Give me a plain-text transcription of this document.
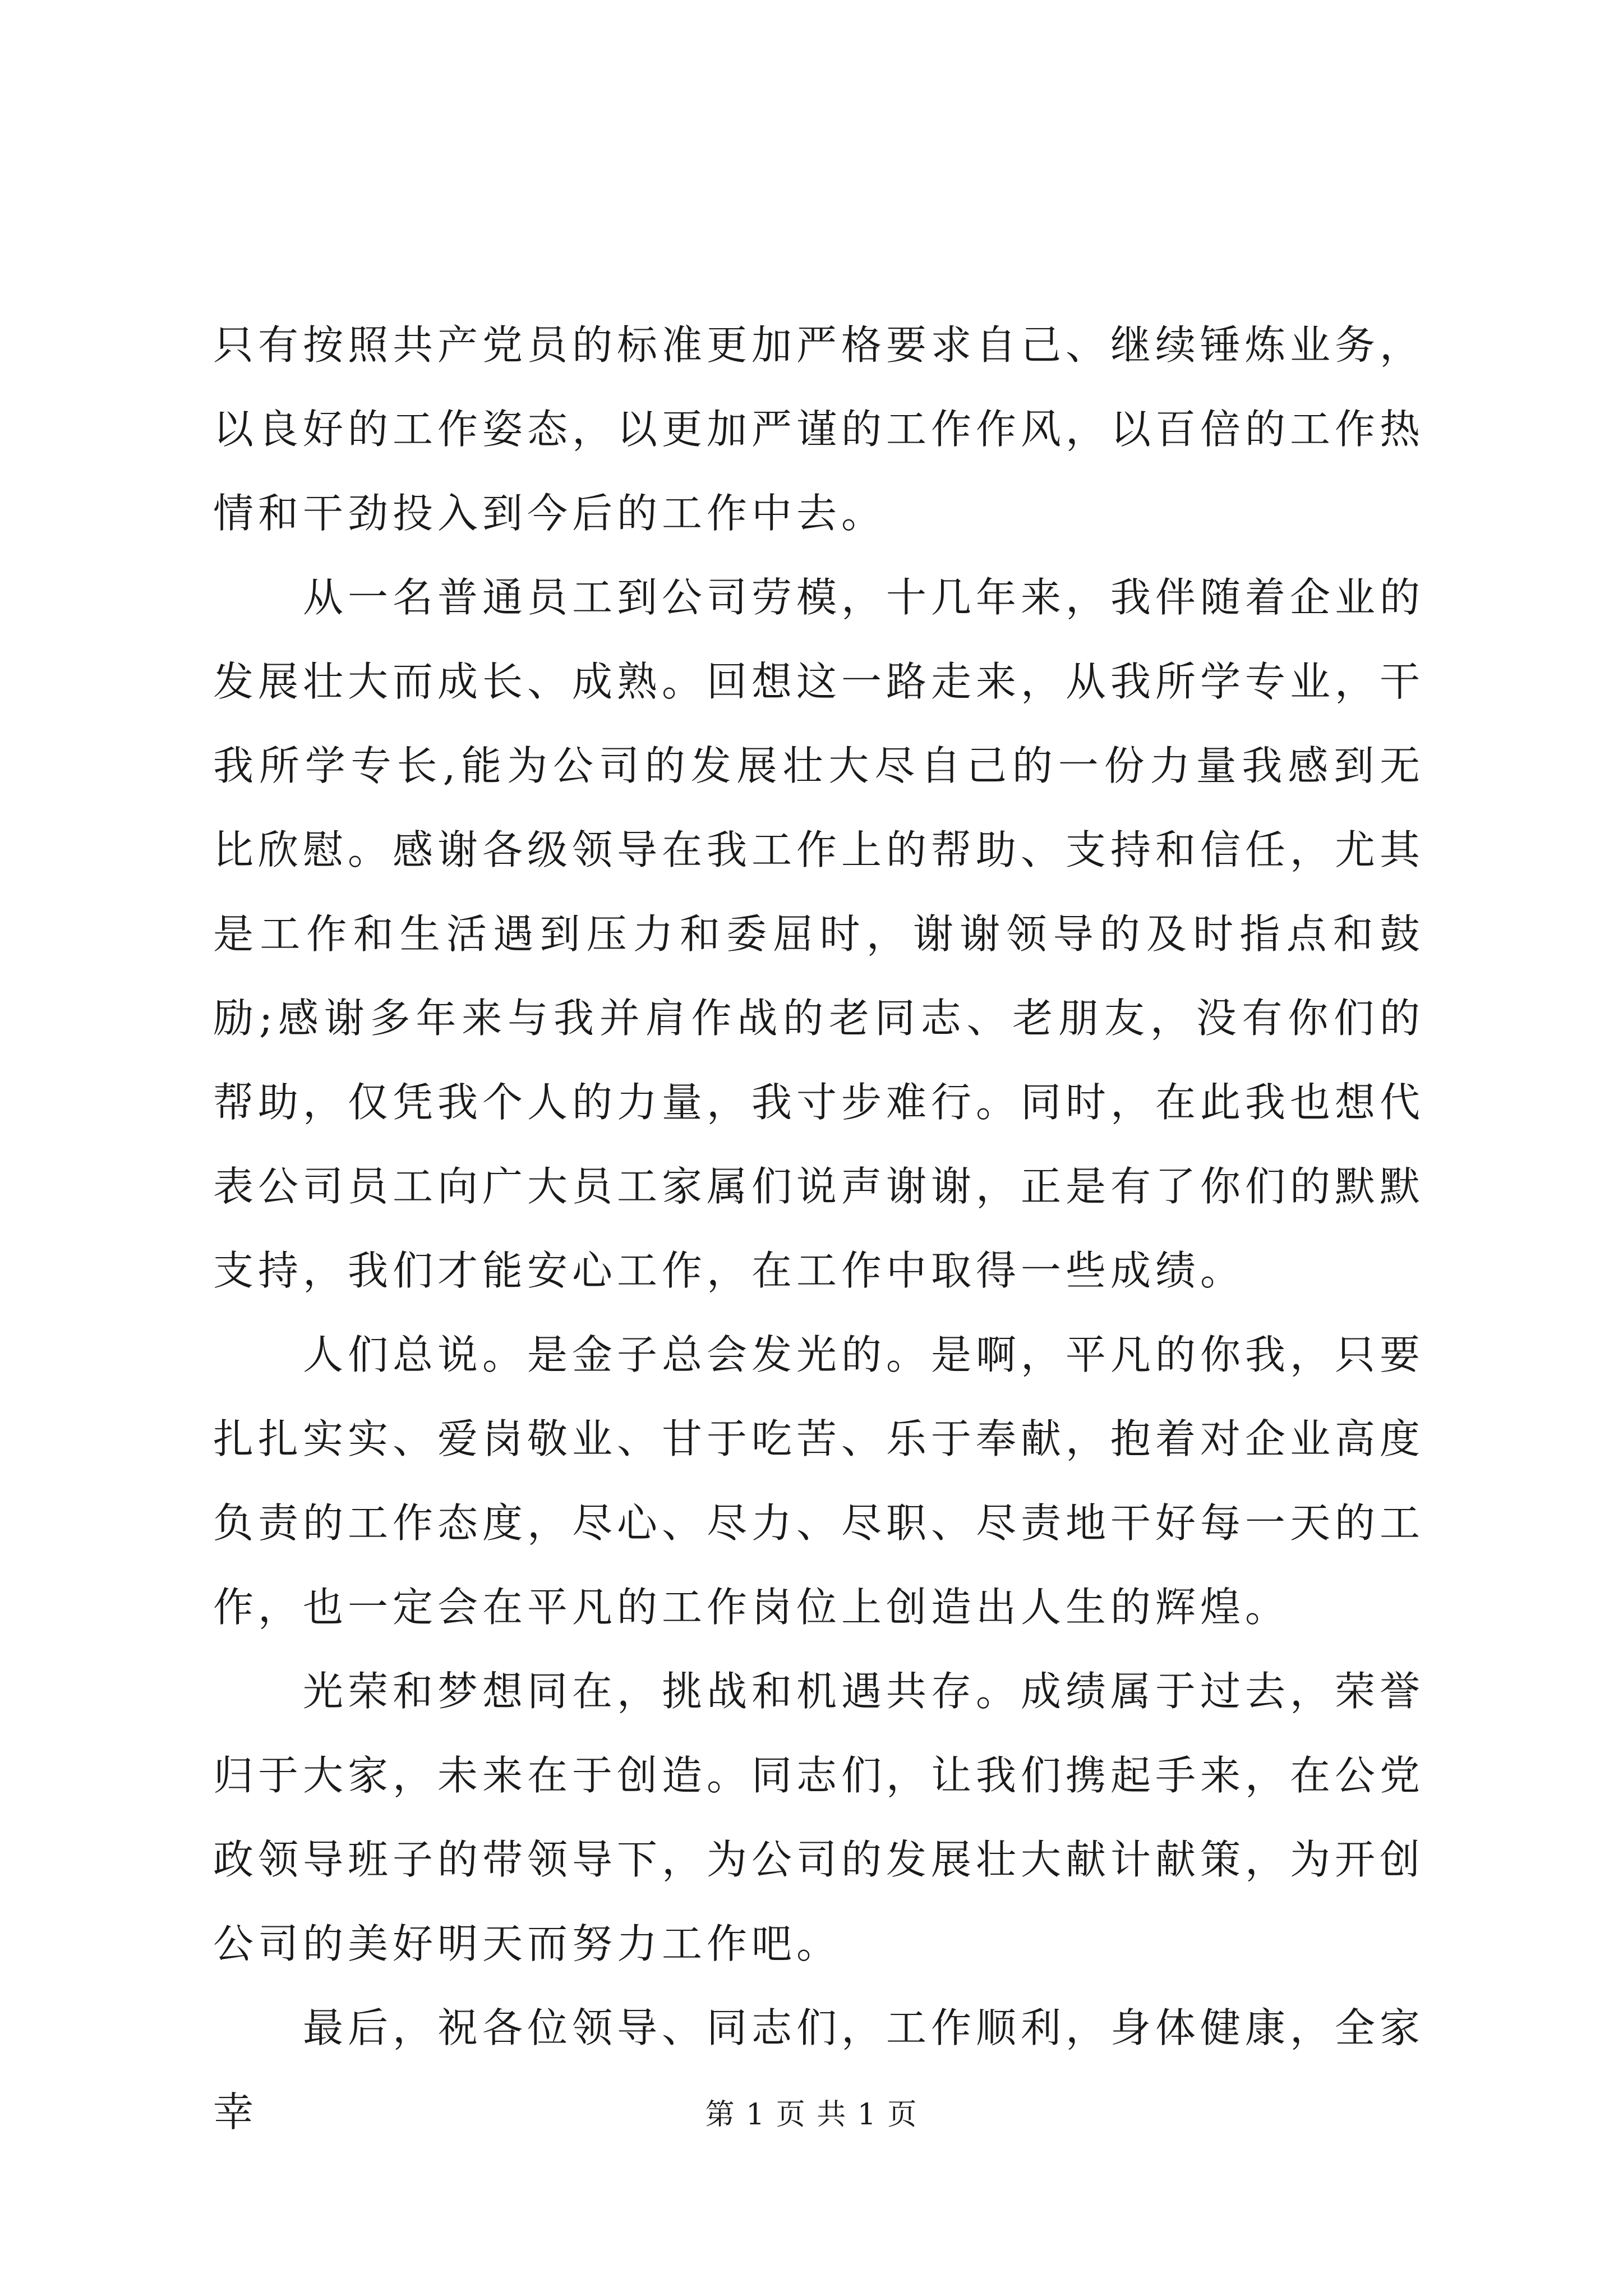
只有按照共产党员的标准更加严格要求自己、继续锤炼业务，以良好的工作姿态，以更加严谨的工作作风，以百倍的工作热情和干劲投入到今后的工作中去。

从一名普通员工到公司劳模，十几年来，我伴随着企业的发展壮大而成长、成熟。回想这一路走来，从我所学专业，干我所学专长,能为公司的发展壮大尽自己的一份力量我感到无比欣慰。感谢各级领导在我工作上的帮助、支持和信任，尤其是工作和生活遇到压力和委屈时，谢谢领导的及时指点和鼓励;感谢多年来与我并肩作战的老同志、老朋友，没有你们的帮助，仅凭我个人的力量，我寸步难行。同时，在此我也想代表公司员工向广大员工家属们说声谢谢，正是有了你们的默默支持，我们才能安心工作，在工作中取得一些成绩。

人们总说。是金子总会发光的。是啊，平凡的你我，只要扎扎实实、爱岗敬业、甘于吃苦、乐于奉献，抱着对企业高度负责的工作态度，尽心、尽力、尽职、尽责地干好每一天的工作，也一定会在平凡的工作岗位上创造出人生的辉煌。

光荣和梦想同在，挑战和机遇共存。成绩属于过去，荣誉归于大家，未来在于创造。同志们，让我们携起手来，在公党政领导班子的带领导下，为公司的发展壮大献计献策，为开创公司的美好明天而努力工作吧。

最后，祝各位领导、同志们，工作顺利，身体健康，全家幸	第 1 页 共 1 页
